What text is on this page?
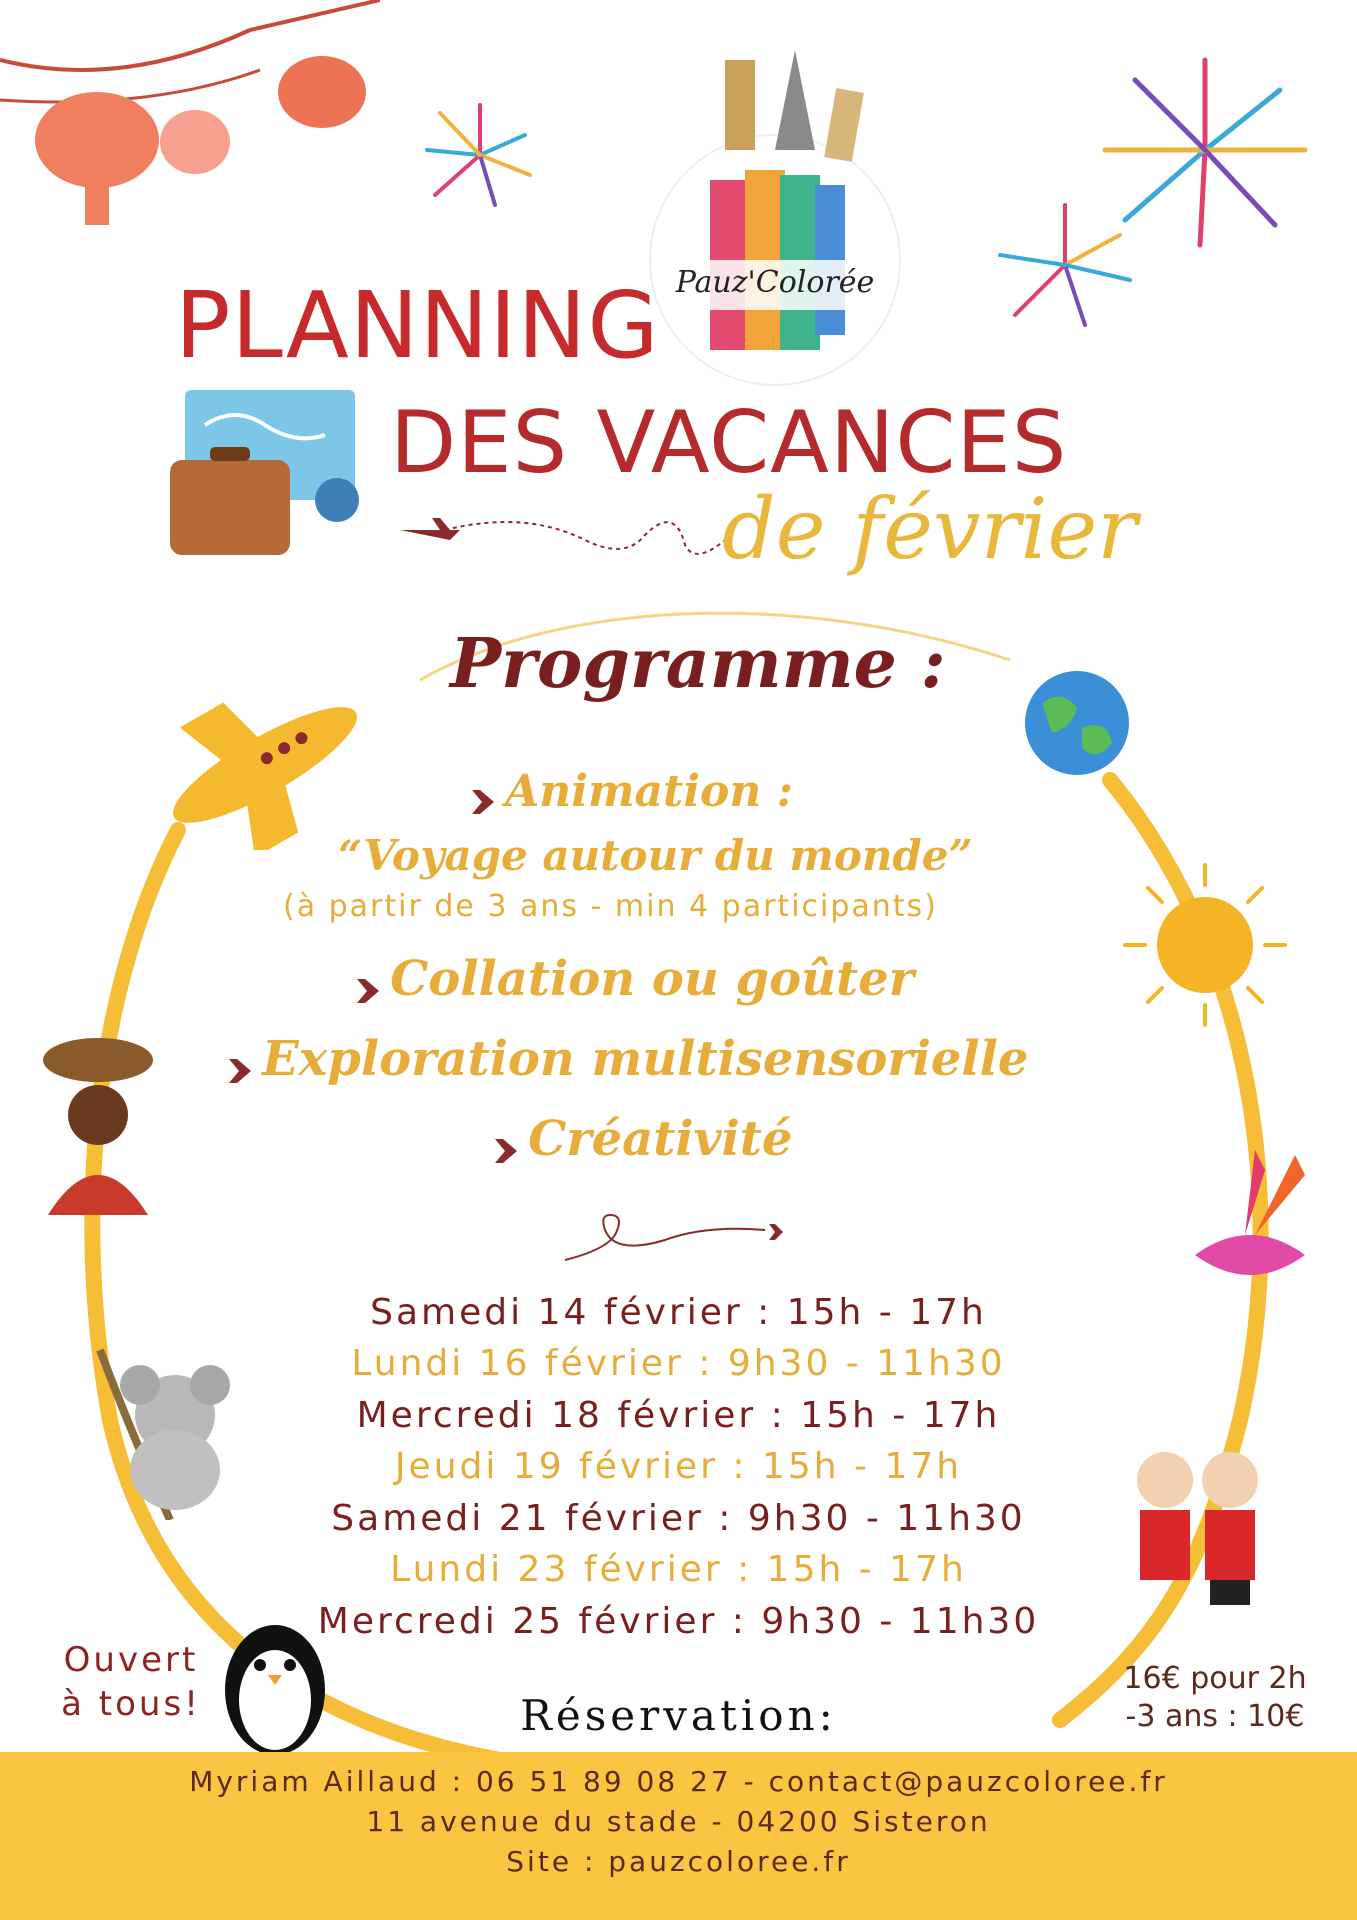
Pauz'Colorée
PLANNING
DES VACANCES
de février
Programme :
Animation :
“Voyage autour du monde”
(à partir de 3 ans - min 4 participants)
Collation ou goûter
Exploration multisensorielle
Créativité
Samedi 14 février : 15h - 17h
Lundi 16 février : 9h30 - 11h30
Mercredi 18 février : 15h - 17h
Jeudi 19 février : 15h - 17h
Samedi 21 février : 9h30 - 11h30
Lundi 23 février : 15h - 17h
Mercredi 25 février : 9h30 - 11h30
Ouvert
à tous!
16€ pour 2h
-3 ans : 10€
Réservation:
Myriam Aillaud : 06 51 89 08 27 - contact@pauzcoloree.fr
11 avenue du stade - 04200 Sisteron
Site : pauzcoloree.fr
